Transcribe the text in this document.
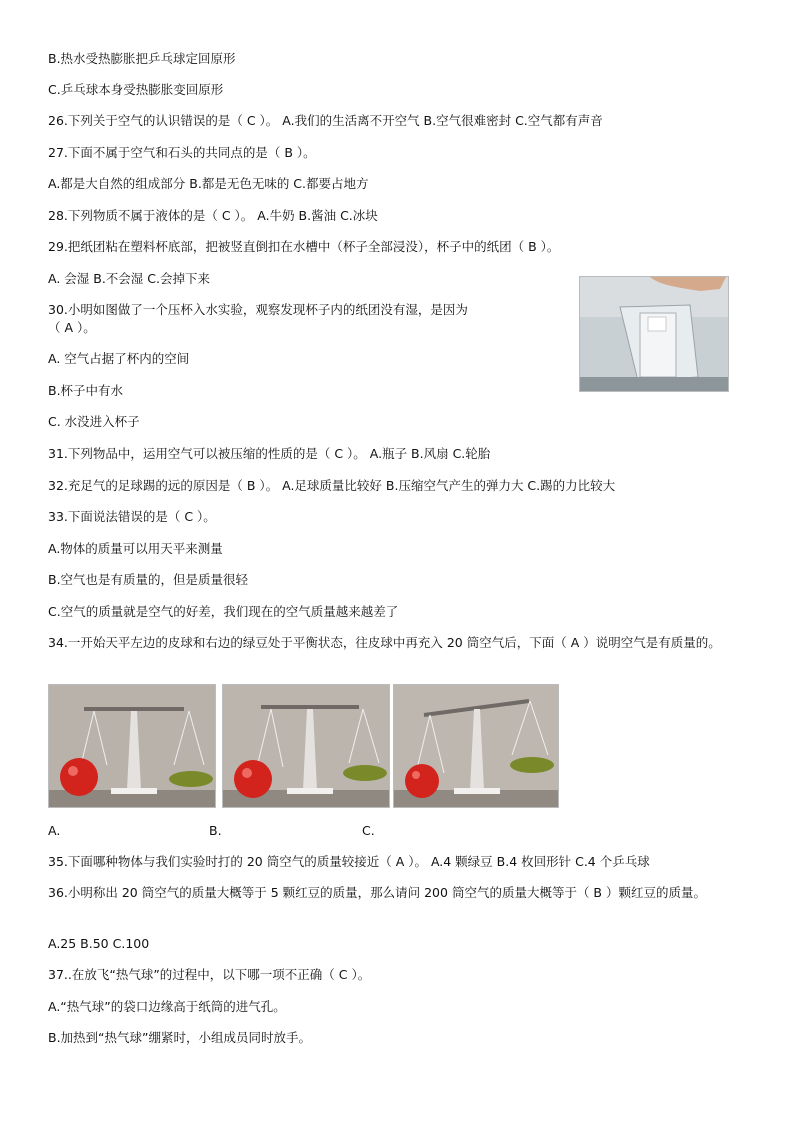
B.热水受热膨胀把乒乓球定回原形
C.乒乓球本身受热膨胀变回原形
26.下列关于空气的认识错误的是（ C ）。 A.我们的生活离不开空气 B.空气很难密封 C.空气都有声音
27.下面不属于空气和石头的共同点的是（ B ）。
A.都是大自然的组成部分 B.都是无色无味的 C.都要占地方
28.下列物质不属于液体的是（ C ）。 A.牛奶 B.酱油 C.冰块
29.把纸团粘在塑料杯底部，把被竖直倒扣在水槽中（杯子全部浸没），杯子中的纸团（ B ）。
A. 会湿 B.不会湿 C.会掉下来
30.小明如图做了一个压杯入水实验，观察发现杯子内的纸团没有湿，是因为
（ A ）。
A. 空气占据了杯内的空间
B.杯子中有水
C. 水没进入杯子
31.下列物品中，运用空气可以被压缩的性质的是（ C ）。 A.瓶子 B.风扇 C.轮胎
32.充足气的足球踢的远的原因是（ B ）。 A.足球质量比较好 B.压缩空气产生的弹力大 C.踢的力比较大
33.下面说法错误的是（ C ）。
A.物体的质量可以用天平来测量
B.空气也是有质量的，但是质量很轻
C.空气的质量就是空气的好差，我们现在的空气质量越来越差了
34.一开始天平左边的皮球和右边的绿豆处于平衡状态，往皮球中再充入 20 筒空气后，下面（ A ）说明空气是有质量的。
A.	B.	C.
35.下面哪种物体与我们实验时打的 20 筒空气的质量较接近（ A ）。 A.4 颗绿豆 B.4 枚回形针 C.4 个乒乓球
36.小明称出 20 筒空气的质量大概等于 5 颗红豆的质量，那么请问 200 筒空气的质量大概等于（ B ）颗红豆的质量。
A.25 B.50 C.100
37..在放飞“热气球”的过程中，以下哪一项不正确（ C ）。
A.“热气球”的袋口边缘高于纸筒的进气孔。
B.加热到“热气球”绷紧时，小组成员同时放手。
